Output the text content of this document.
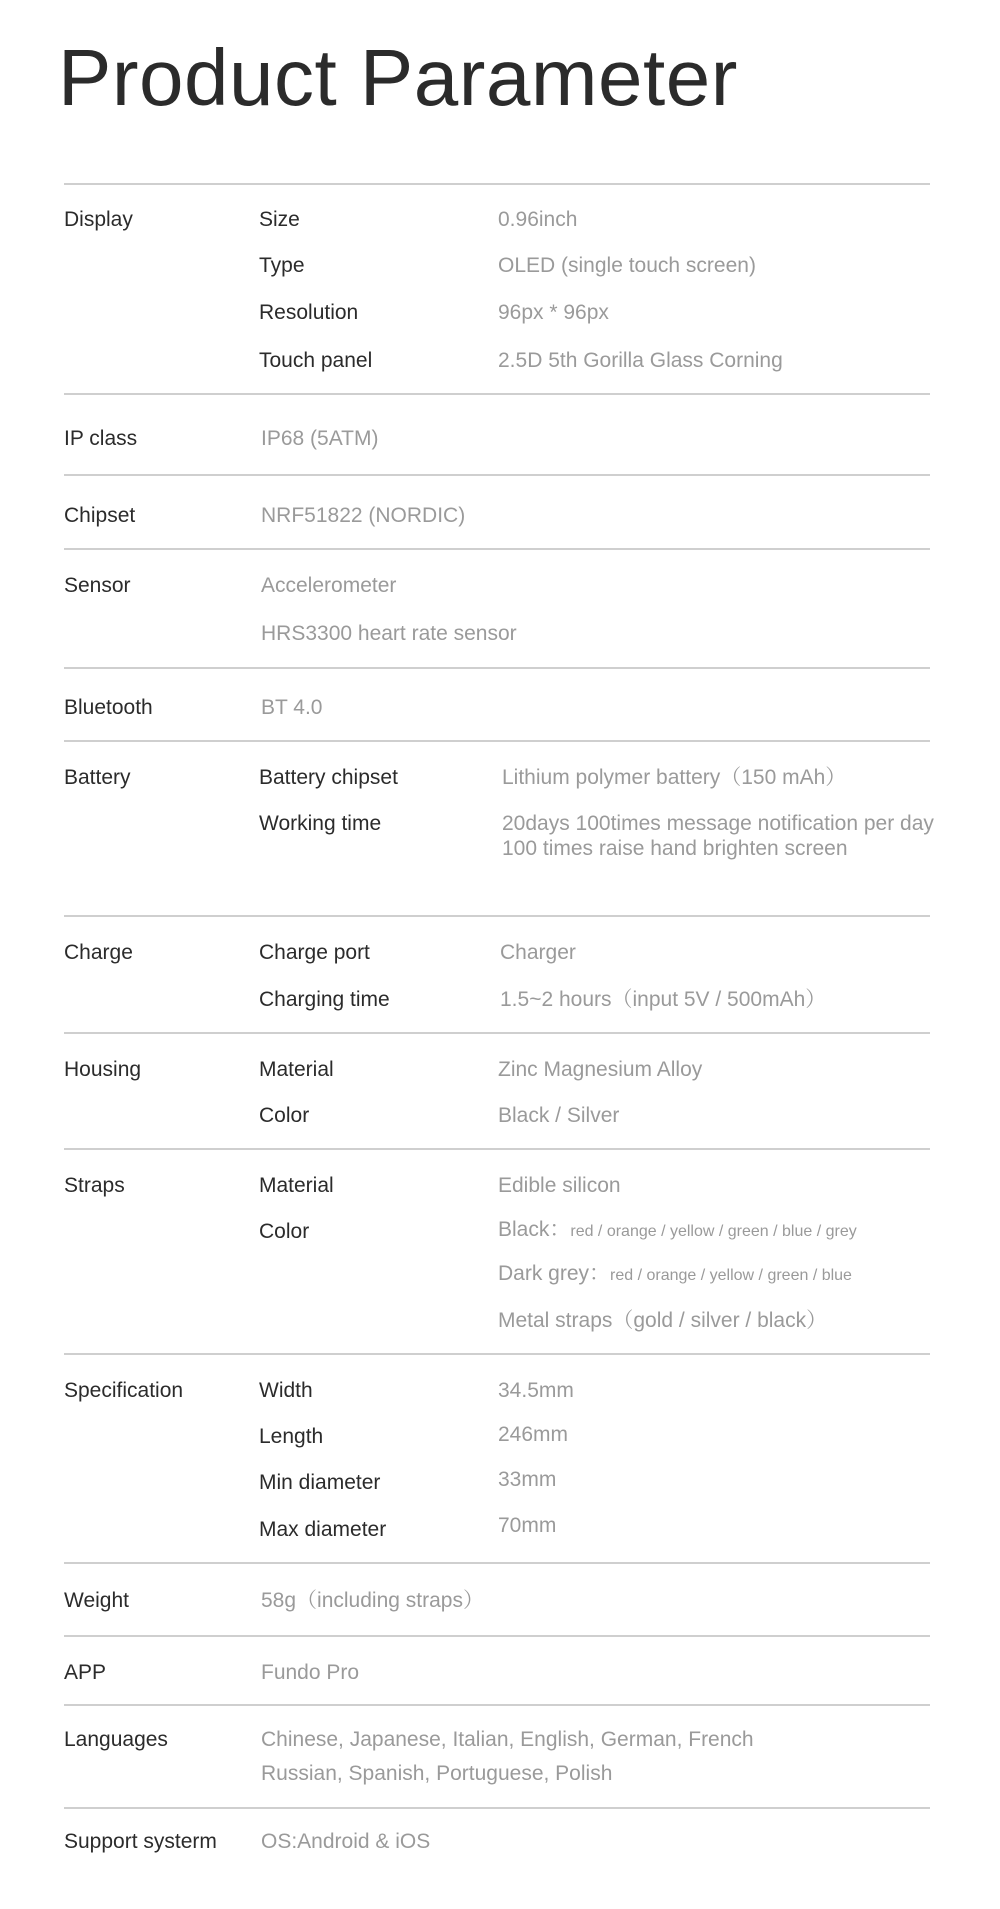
Product Parameter
Display	Size	0.96inch
Type	OLED (single touch screen)
Resolution	96px * 96px
Touch panel	2.5D 5th Gorilla Glass Corning
IP class	IP68 (5ATM)
Chipset	NRF51822 (NORDIC)
Sensor	Accelerometer
HRS3300 heart rate sensor
Bluetooth	BT 4.0
Battery	Battery chipset	Lithium polymer battery（150 mAh）
Working time	20days 100times message notification per day
100 times raise hand brighten screen
Charge	Charge port	Charger
Charging time	1.5~2 hours（input 5V / 500mAh）
Housing	Material	Zinc Magnesium Alloy
Color	Black / Silver
Straps	Material	Edible silicon
Color	Black：red / orange / yellow / green / blue / grey
Dark grey：red / orange / yellow / green / blue
Metal straps（gold / silver / black）
Specification	Width	34.5mm
Length	246mm
Min diameter	33mm
Max diameter	70mm
Weight	58g（including straps）
APP	Fundo Pro
Languages	Chinese, Japanese, Italian, English, German, French
Russian, Spanish, Portuguese, Polish
Support systerm OS:Android & iOS
